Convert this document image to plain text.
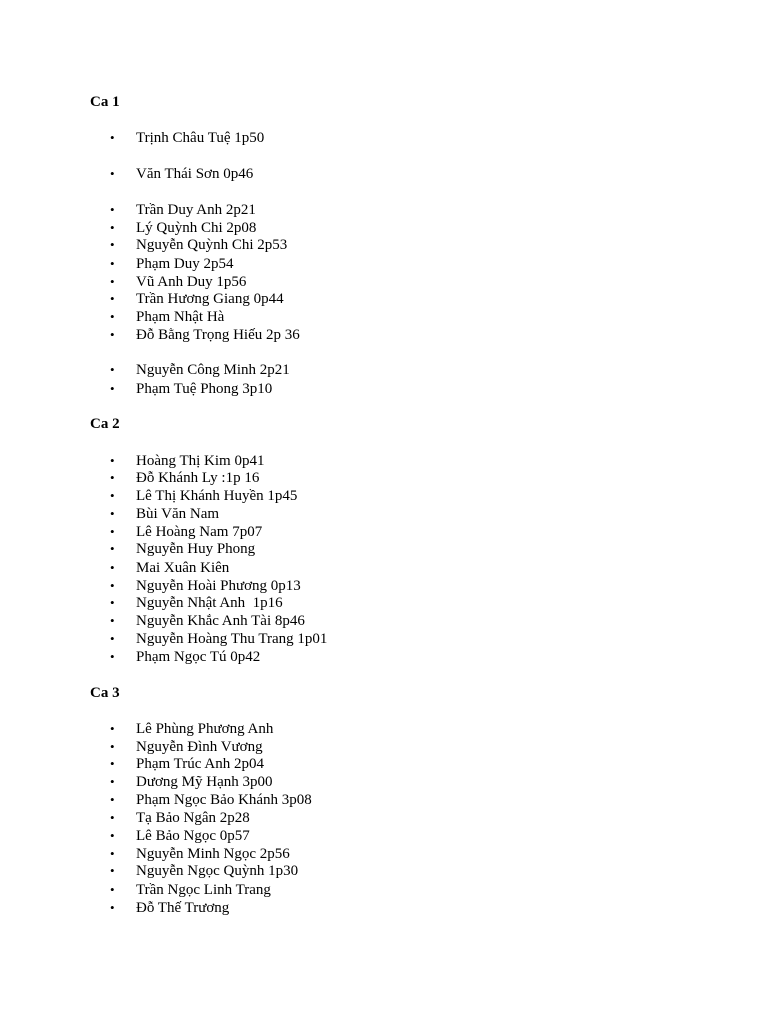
Ca 1

•	Trịnh Châu Tuệ 1p50
•	Văn Thái Sơn 0p46
•	Trần Duy Anh 2p21
•	Lý Quỳnh Chi 2p08
•	Nguyễn Quỳnh Chi 2p53
•	Phạm Duy 2p54
•	Vũ Anh Duy 1p56
•	Trần Hương Giang 0p44
•	Phạm Nhật Hà
•	Đỗ Bằng Trọng Hiếu 2p 36
•	Nguyễn Công Minh 2p21
•	Phạm Tuệ Phong 3p10

Ca 2

•	Hoàng Thị Kim 0p41
•	Đỗ Khánh Ly :1p 16
•	Lê Thị Khánh Huyền 1p45
•	Bùi Văn Nam
•	Lê Hoàng Nam 7p07
•	Nguyễn Huy Phong
•	Mai Xuân Kiên
•	Nguyễn Hoài Phương 0p13
•	Nguyễn Nhật Anh  1p16
•	Nguyễn Khắc Anh Tài 8p46
•	Nguyễn Hoàng Thu Trang 1p01
•	Phạm Ngọc Tú 0p42

Ca 3

•	Lê Phùng Phương Anh
•	Nguyễn Đình Vương
•	Phạm Trúc Anh 2p04
•	Dương Mỹ Hạnh 3p00
•	Phạm Ngọc Bảo Khánh 3p08
•	Tạ Bảo Ngân 2p28
•	Lê Bảo Ngọc 0p57
•	Nguyễn Minh Ngọc 2p56
•	Nguyễn Ngọc Quỳnh 1p30
•	Trần Ngọc Linh Trang
•	Đỗ Thế Trương
